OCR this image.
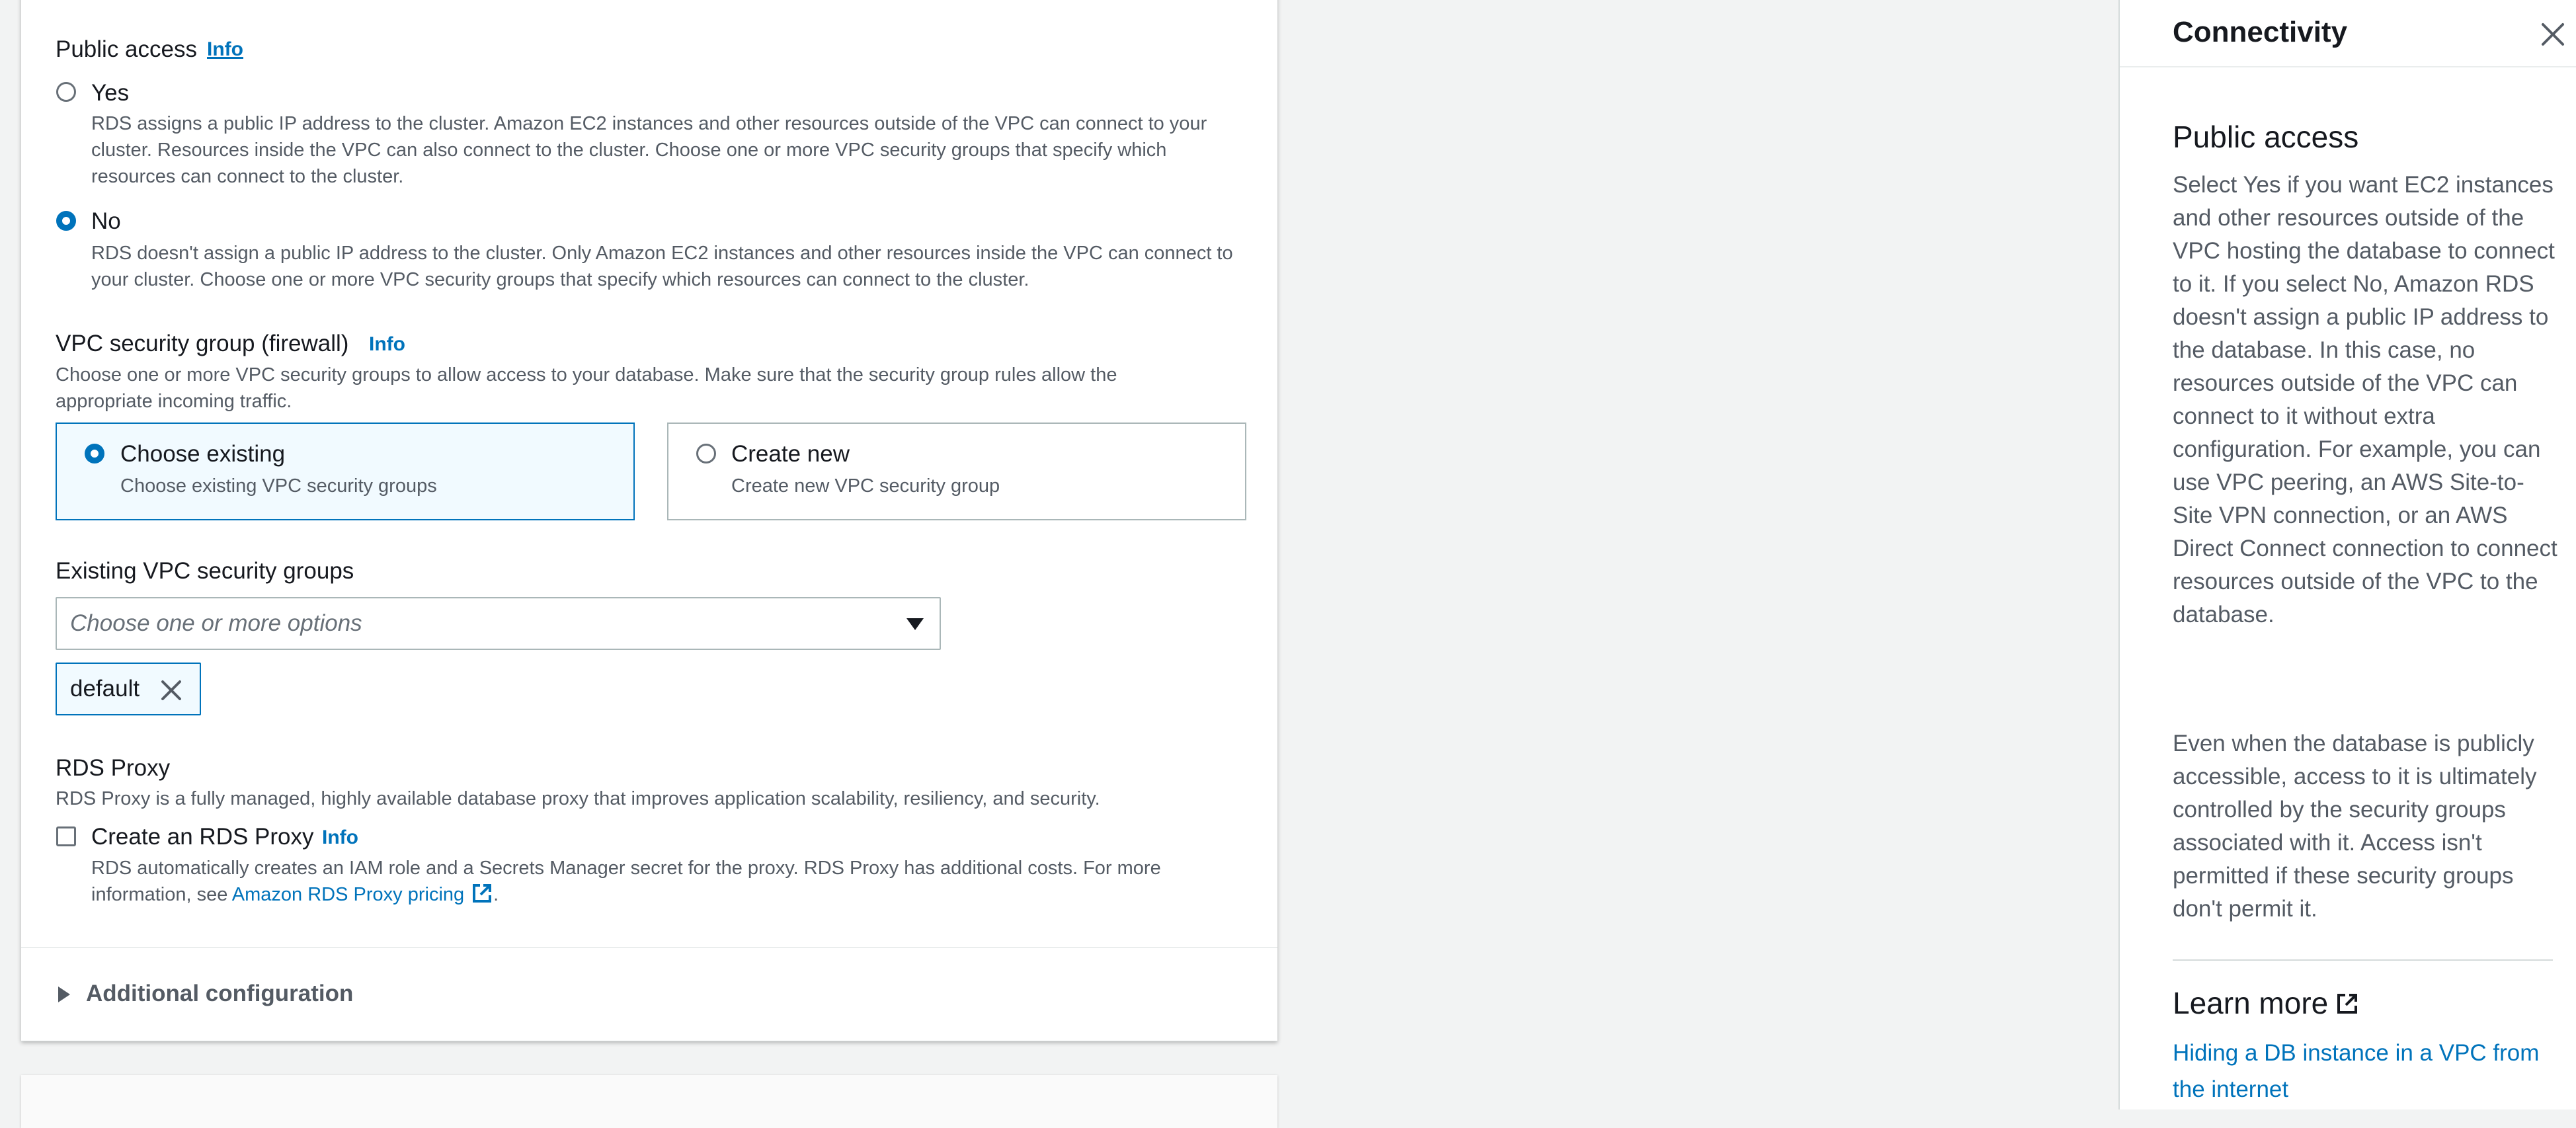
Public access Info
Yes
RDS assigns a public IP address to the cluster. Amazon EC2 instances and other resources outside of the VPC can connect to your cluster. Resources inside the VPC can also connect to the cluster. Choose one or more VPC security groups that specify which resources can connect to the cluster.
No
RDS doesn't assign a public IP address to the cluster. Only Amazon EC2 instances and other resources inside the VPC can connect to your cluster. Choose one or more VPC security groups that specify which resources can connect to the cluster.
VPC security group (firewall) Info
Choose one or more VPC security groups to allow access to your database. Make sure that the security group rules allow the appropriate incoming traffic.
Choose existing
Choose existing VPC security groups
Create new
Create new VPC security group
Existing VPC security groups
Choose one or more options
default
RDS Proxy
RDS Proxy is a fully managed, highly available database proxy that improves application scalability, resiliency, and security.
Create an RDS Proxy Info
RDS automatically creates an IAM role and a Secrets Manager secret for the proxy. RDS Proxy has additional costs. For more information, see Amazon RDS Proxy pricing .
Additional configuration
Connectivity
Public access
Select Yes if you want EC2 instances and other resources outside of the VPC hosting the database to connect to it. If you select No, Amazon RDS doesn't assign a public IP address to the database. In this case, no resources outside of the VPC can connect to it without extra configuration. For example, you can use VPC peering, an AWS Site-to-Site VPN connection, or an AWS Direct Connect connection to connect resources outside of the VPC to the database.
Even when the database is publicly accessible, access to it is ultimately controlled by the security groups associated with it. Access isn't permitted if these security groups don't permit it.
Learn more
Hiding a DB instance in a VPC from the internet
